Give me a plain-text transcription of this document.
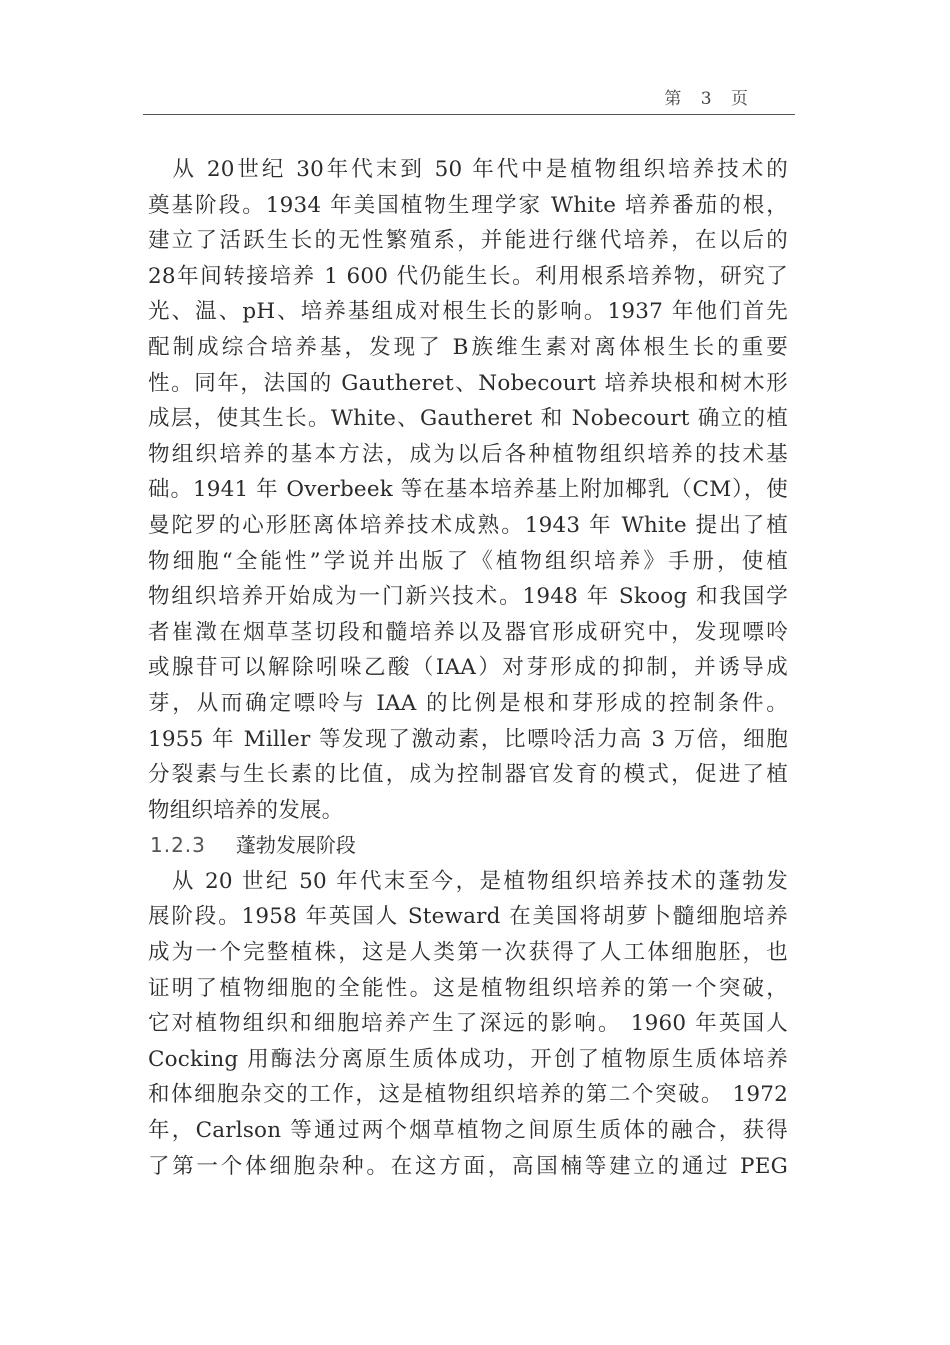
第 3 页
　从 20世纪 30年代末到 50 年代中是植物组织培养技术的
奠基阶段。1934 年美国植物生理学家 White 培养番茄的根，
建立了活跃生长的无性繁殖系，并能进行继代培养，在以后的
28年间转接培养 1 600 代仍能生长。利用根系培养物，研究了
光、温、pH、培养基组成对根生长的影响。1937 年他们首先
配制成综合培养基，发现了 B族维生素对离体根生长的重要
性。同年，法国的 Gautheret、Nobecourt 培养块根和树木形
成层，使其生长。White、Gautheret 和 Nobecourt 确立的植
物组织培养的基本方法，成为以后各种植物组织培养的技术基
础。1941 年 Overbeek 等在基本培养基上附加椰乳（CM），使
曼陀罗的心形胚离体培养技术成熟。1943 年 White 提出了植
物细胞“全能性”学说并出版了《植物组织培养》手册，使植
物组织培养开始成为一门新兴技术。1948 年 Skoog 和我国学
者崔澂在烟草茎切段和髓培养以及器官形成研究中，发现嘌呤
或腺苷可以解除吲哚乙酸（IAA）对芽形成的抑制，并诱导成
芽，从而确定嘌呤与 IAA 的比例是根和芽形成的控制条件。
1955 年 Miller 等发现了激动素，比嘌呤活力高 3 万倍，细胞
分裂素与生长素的比值，成为控制器官发育的模式，促进了植
物组织培养的发展。
1.2.3 蓬勃发展阶段
　从 20 世纪 50 年代末至今，是植物组织培养技术的蓬勃发
展阶段。1958 年英国人 Steward 在美国将胡萝卜髓细胞培养
成为一个完整植株，这是人类第一次获得了人工体细胞胚，也
证明了植物细胞的全能性。这是植物组织培养的第一个突破，
它对植物组织和细胞培养产生了深远的影响。 1960 年英国人
Cocking 用酶法分离原生质体成功，开创了植物原生质体培养
和体细胞杂交的工作，这是植物组织培养的第二个突破。 1972
年，Carlson 等通过两个烟草植物之间原生质体的融合，获得
了第一个体细胞杂种。在这方面，高国楠等建立的通过 PEG
